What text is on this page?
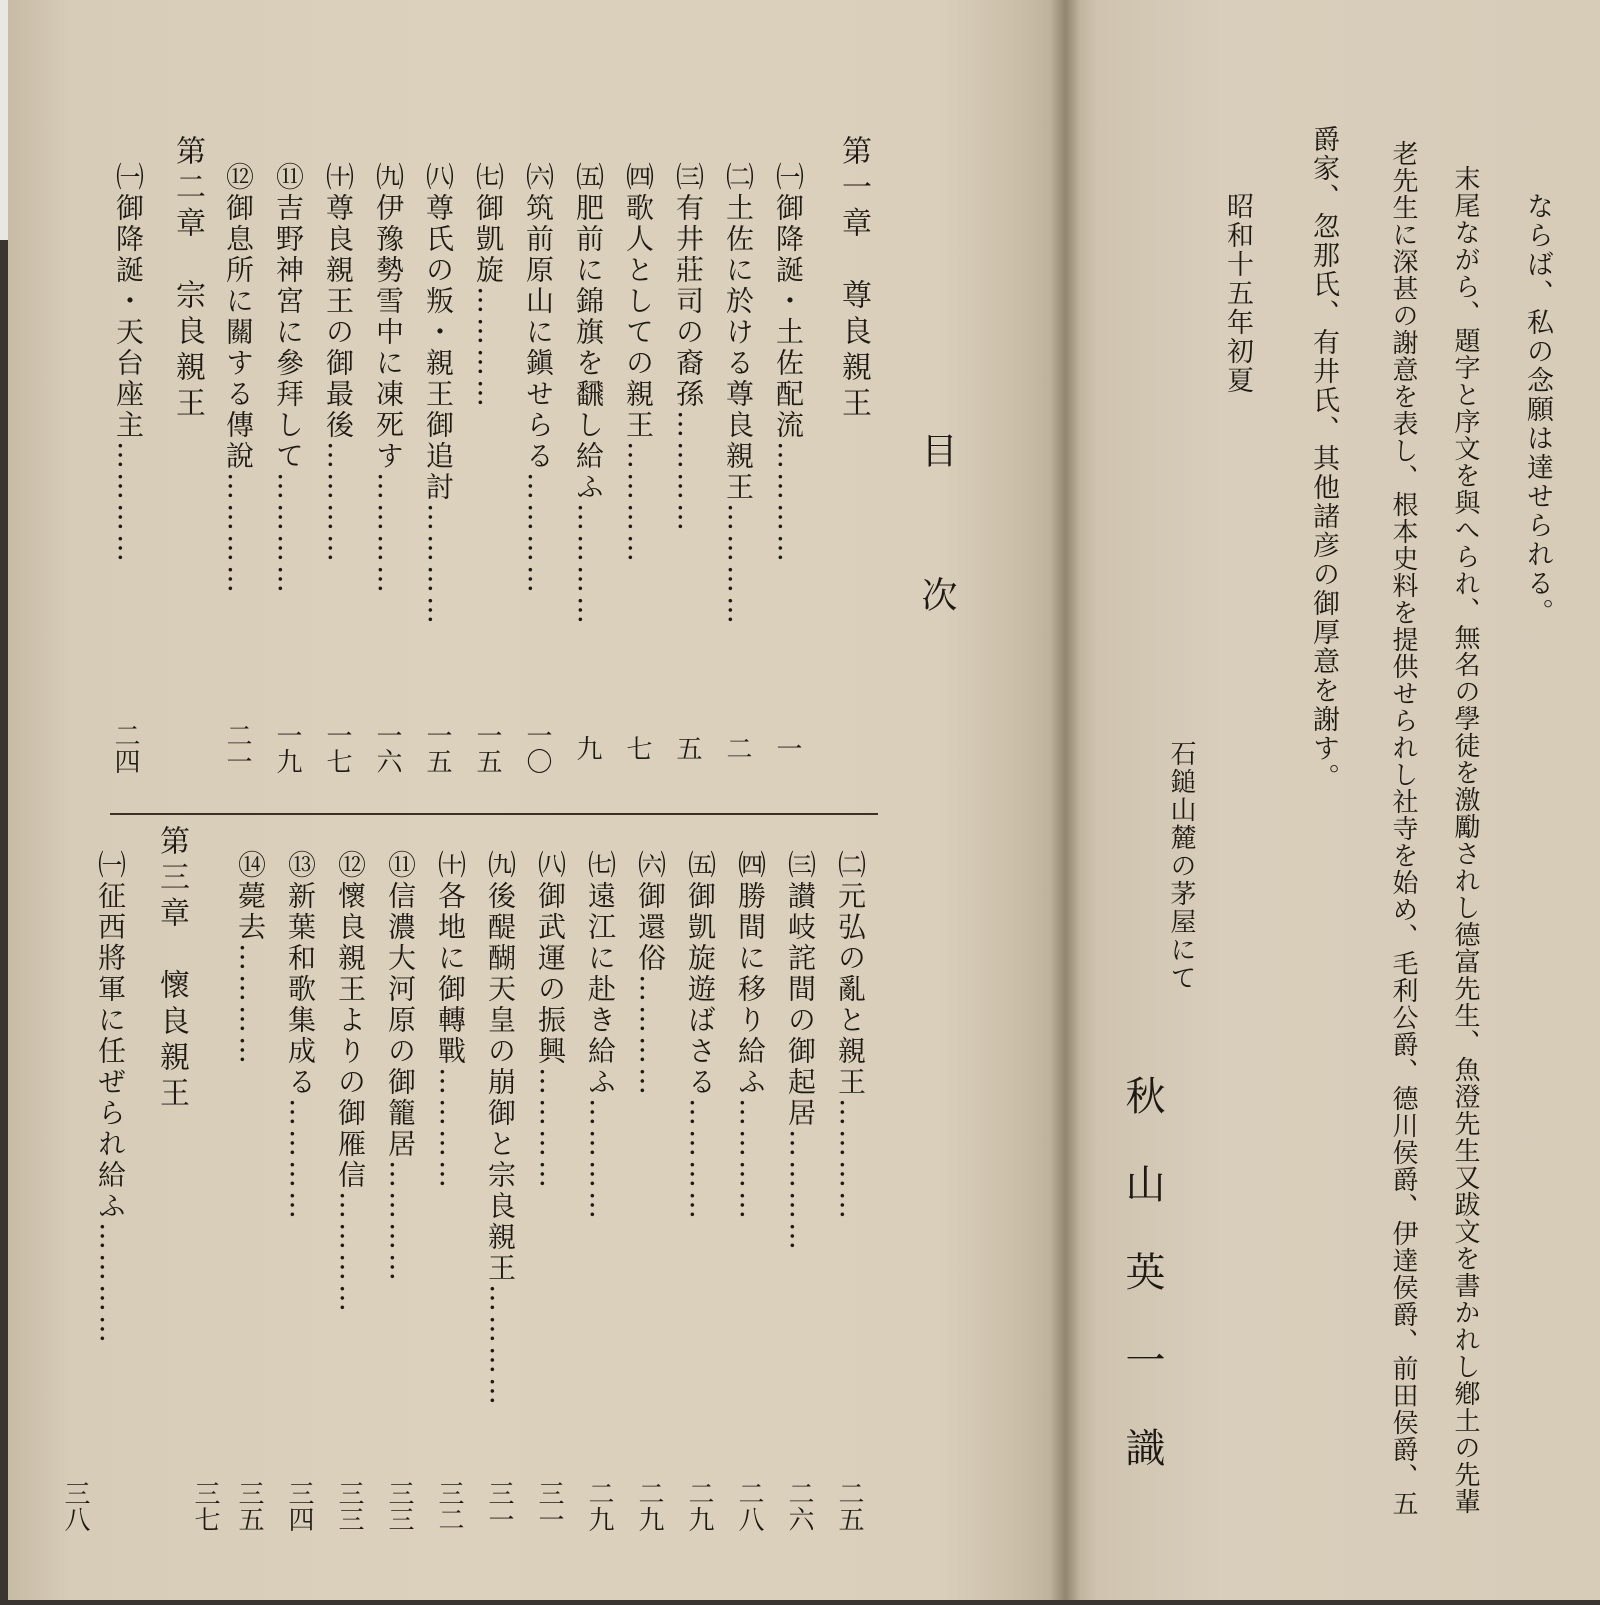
ならば、私の念願は達せられる。
末尾ながら、題字と序文を與へられ、無名の學徒を激勵されし德富先生、魚澄先生又跋文を書かれし鄕土の先輩
老先生に深甚の謝意を表し、根本史料を提供せられし社寺を始め、毛利公爵、德川侯爵、伊達侯爵、前田侯爵、五
爵家、忽那氏、有井氏、其他諸彦の御厚意を謝す。
昭和十五年初夏
石鎚山麓の茅屋にて
秋　山　英　一　識
目　　　次
第一章　尊良親王
㈠御降誕・土佐配流…………
一
㈡土佐に於ける尊良親王…………
二
㈢有井莊司の裔孫…………
五
㈣歌人としての親王…………
七
㈤肥前に錦旗を飜し給ふ…………
九
㈥筑前原山に鎭せらる…………
一〇
㈦御凱旋…………
一五
㈧尊氏の叛・親王御追討…………
一五
㈨伊豫勢雪中に凍死す…………
一六
㈩尊良親王の御最後…………
一七
⑪吉野神宮に參拜して…………
一九
⑫御息所に關する傳說…………
二一
第二章　宗良親王
㈠御降誕・天台座主…………
二四
㈡元弘の亂と親王…………
二五
㈢讃岐詫間の御起居…………
二六
㈣勝間に移り給ふ…………
二八
㈤御凱旋遊ばさる…………
二九
㈥御還俗…………
二九
㈦遠江に赴き給ふ…………
二九
㈧御武運の振興…………
三一
㈨後醍醐天皇の崩御と宗良親王…………
三一
㈩各地に御轉戰…………
三二
⑪信濃大河原の御籠居…………
三三
⑫懷良親王よりの御雁信…………
三三
⑬新葉和歌集成る…………
三四
⑭薨去…………
三五
三七
第三章　懷良親王
㈠征西將軍に任ぜられ給ふ…………
三八
